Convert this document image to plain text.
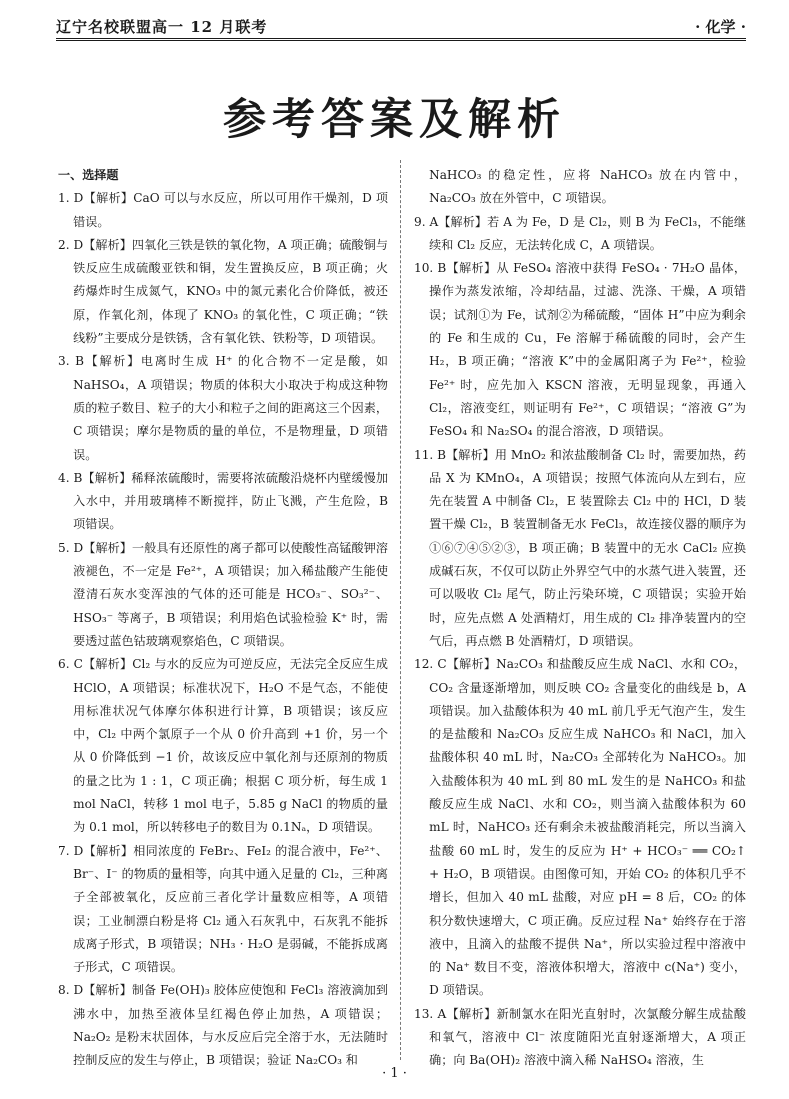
辽宁名校联盟高一 12 月联考	· 化学 ·
参考答案及解析

一、选择题

1. D【解析】CaO 可以与水反应，所以可用作干燥剂，D 项错误。

2. D【解析】四氧化三铁是铁的氧化物，A 项正确；硫酸铜与铁反应生成硫酸亚铁和铜，发生置换反应，B 项正确；火药爆炸时生成氮气，KNO₃ 中的氮元素化合价降低，被还原，作氧化剂，体现了 KNO₃ 的氧化性，C 项正确；“铁线粉”主要成分是铁锈，含有氧化铁、铁粉等，D 项错误。

3. B【解析】电离时生成 H⁺ 的化合物不一定是酸，如 NaHSO₄，A 项错误；物质的体积大小取决于构成这种物质的粒子数目、粒子的大小和粒子之间的距离这三个因素，C 项错误；摩尔是物质的量的单位，不是物理量，D 项错误。

4. B【解析】稀释浓硫酸时，需要将浓硫酸沿烧杯内壁缓慢加入水中，并用玻璃棒不断搅拌，防止飞溅，产生危险，B 项错误。

5. D【解析】一般具有还原性的离子都可以使酸性高锰酸钾溶液褪色，不一定是 Fe²⁺，A 项错误；加入稀盐酸产生能使澄清石灰水变浑浊的气体的还可能是 HCO₃⁻、SO₃²⁻、HSO₃⁻ 等离子，B 项错误；利用焰色试验检验 K⁺ 时，需要透过蓝色钴玻璃观察焰色，C 项错误。

6. C【解析】Cl₂ 与水的反应为可逆反应，无法完全反应生成 HClO，A 项错误；标准状况下，H₂O 不是气态，不能使用标准状况气体摩尔体积进行计算，B 项错误；该反应中，Cl₂ 中两个氯原子一个从 0 价升高到 +1 价，另一个从 0 价降低到 −1 价，故该反应中氧化剂与还原剂的物质的量之比为 1 : 1，C 项正确；根据 C 项分析，每生成 1 mol NaCl，转移 1 mol 电子，5.85 g NaCl 的物质的量为 0.1 mol，所以转移电子的数目为 0.1Nₐ，D 项错误。

7. D【解析】相同浓度的 FeBr₂、FeI₂ 的混合液中，Fe²⁺、Br⁻、I⁻ 的物质的量相等，向其中通入足量的 Cl₂，三种离子全部被氧化，反应前三者化学计量数应相等，A 项错误；工业制漂白粉是将 Cl₂ 通入石灰乳中，石灰乳不能拆成离子形式，B 项错误；NH₃ · H₂O 是弱碱，不能拆成离子形式，C 项错误。

8. D【解析】制备 Fe(OH)₃ 胶体应使饱和 FeCl₃ 溶液滴加到沸水中，加热至液体呈红褐色停止加热，A 项错误；Na₂O₂ 是粉末状固体，与水反应后完全溶于水，无法随时控制反应的发生与停止，B 项错误；验证 Na₂CO₃ 和

NaHCO₃ 的稳定性，应将 NaHCO₃ 放在内管中，Na₂CO₃ 放在外管中，C 项错误。

9. A【解析】若 A 为 Fe，D 是 Cl₂，则 B 为 FeCl₃，不能继续和 Cl₂ 反应，无法转化成 C，A 项错误。

10. B【解析】从 FeSO₄ 溶液中获得 FeSO₄ · 7H₂O 晶体，操作为蒸发浓缩，冷却结晶，过滤、洗涤、干燥，A 项错误；试剂①为 Fe，试剂②为稀硫酸，“固体 H”中应为剩余的 Fe 和生成的 Cu，Fe 溶解于稀硫酸的同时，会产生 H₂，B 项正确；“溶液 K”中的金属阳离子为 Fe²⁺，检验 Fe²⁺ 时，应先加入 KSCN 溶液，无明显现象，再通入 Cl₂，溶液变红，则证明有 Fe²⁺，C 项错误；“溶液 G”为 FeSO₄ 和 Na₂SO₄ 的混合溶液，D 项错误。

11. B【解析】用 MnO₂ 和浓盐酸制备 Cl₂ 时，需要加热，药品 X 为 KMnO₄，A 项错误；按照气体流向从左到右，应先在装置 A 中制备 Cl₂，E 装置除去 Cl₂ 中的 HCl，D 装置干燥 Cl₂，B 装置制备无水 FeCl₃，故连接仪器的顺序为①⑥⑦④⑤②③，B 项正确；B 装置中的无水 CaCl₂ 应换成碱石灰，不仅可以防止外界空气中的水蒸气进入装置，还可以吸收 Cl₂ 尾气，防止污染环境，C 项错误；实验开始时，应先点燃 A 处酒精灯，用生成的 Cl₂ 排净装置内的空气后，再点燃 B 处酒精灯，D 项错误。

12. C【解析】Na₂CO₃ 和盐酸反应生成 NaCl、水和 CO₂，CO₂ 含量逐渐增加，则反映 CO₂ 含量变化的曲线是 b，A 项错误。加入盐酸体积为 40 mL 前几乎无气泡产生，发生的是盐酸和 Na₂CO₃ 反应生成 NaHCO₃ 和 NaCl，加入盐酸体积 40 mL 时，Na₂CO₃ 全部转化为 NaHCO₃。加入盐酸体积为 40 mL 到 80 mL 发生的是 NaHCO₃ 和盐酸反应生成 NaCl、水和 CO₂，则当滴入盐酸体积为 60 mL 时，NaHCO₃ 还有剩余未被盐酸消耗完，所以当滴入盐酸 60 mL 时，发生的反应为 H⁺ + HCO₃⁻ ══ CO₂↑ + H₂O，B 项错误。由图像可知，开始 CO₂ 的体积几乎不增长，但加入 40 mL 盐酸，对应 pH = 8 后，CO₂ 的体积分数快速增大，C 项正确。反应过程 Na⁺ 始终存在于溶液中，且滴入的盐酸不提供 Na⁺，所以实验过程中溶液中的 Na⁺ 数目不变，溶液体积增大，溶液中 c(Na⁺) 变小，D 项错误。

13. A【解析】新制氯水在阳光直射时，次氯酸分解生成盐酸和氧气，溶液中 Cl⁻ 浓度随阳光直射逐渐增大，A 项正确；向 Ba(OH)₂ 溶液中滴入稀 NaHSO₄ 溶液，生

· 1 ·
